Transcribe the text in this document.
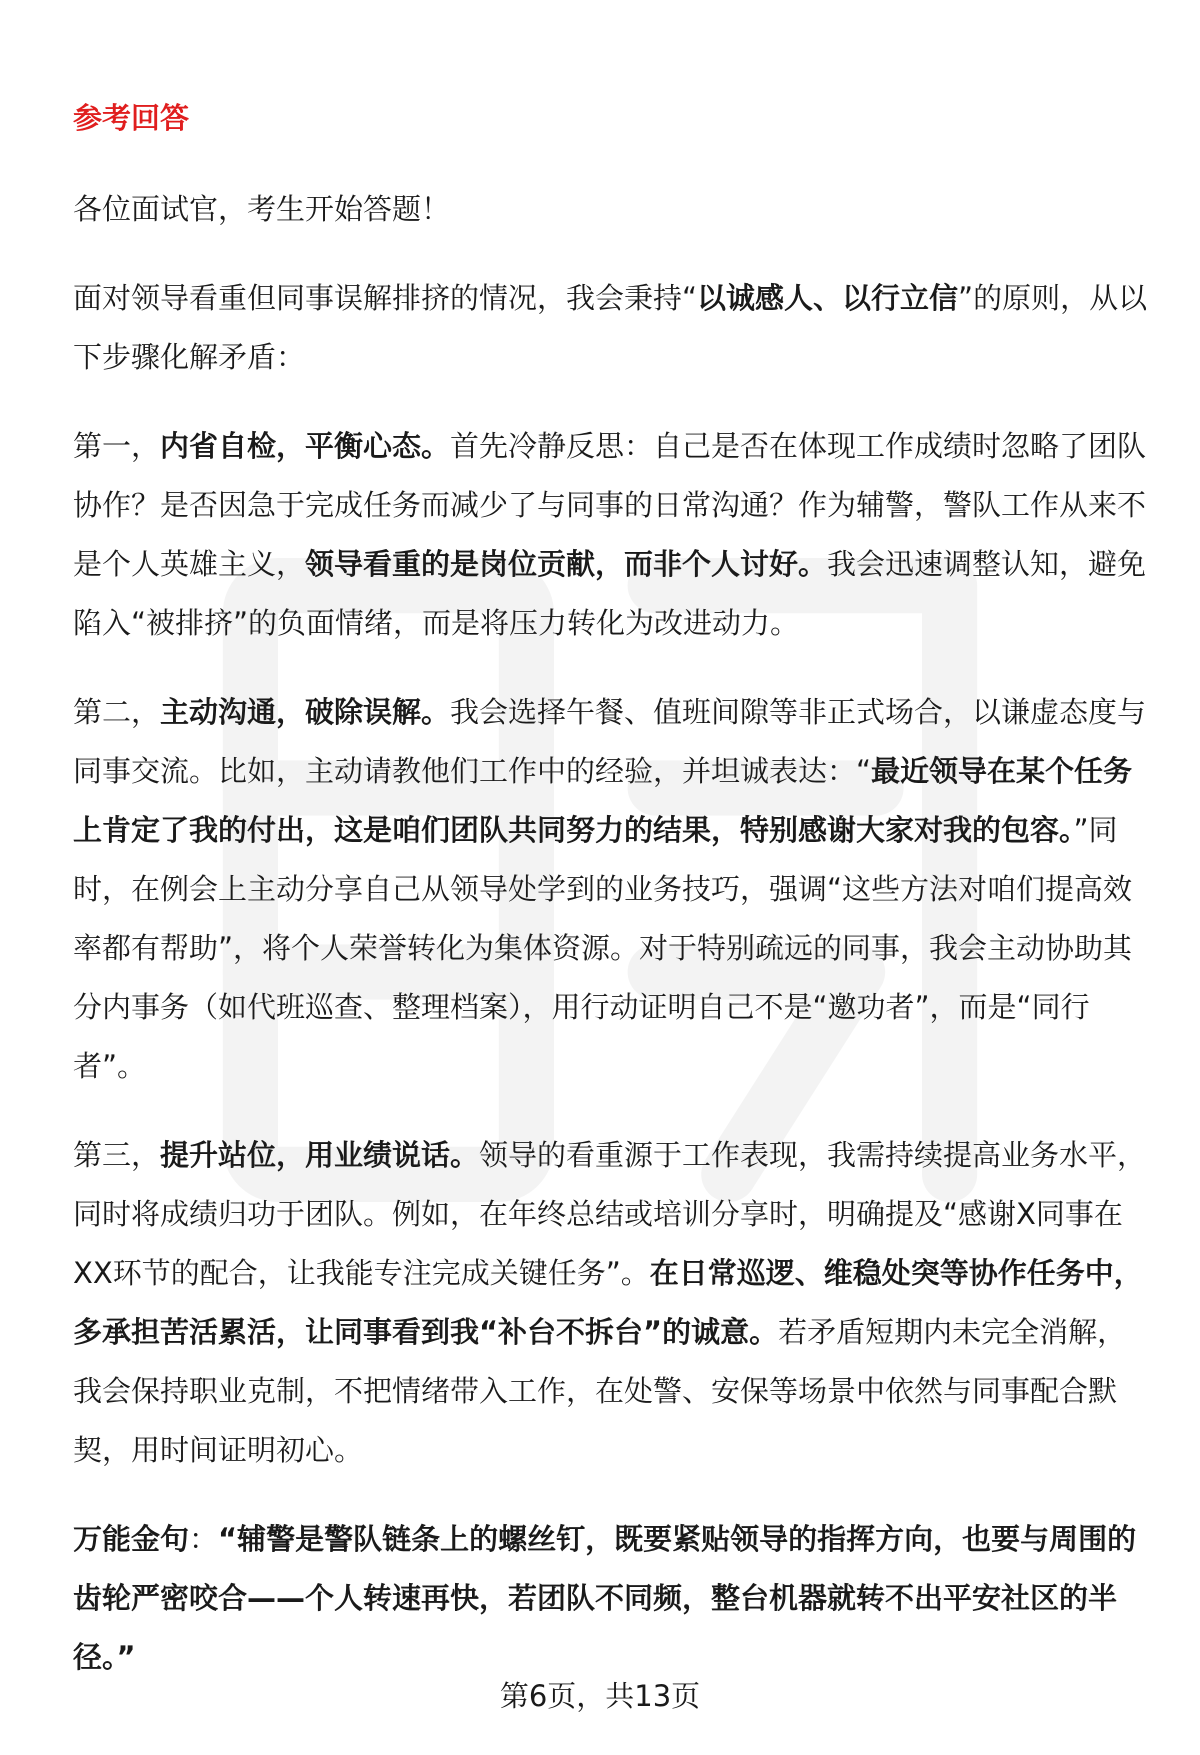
参考回答

各位面试官，考生开始答题！

面对领导看重但同事误解排挤的情况，我会秉持“以诚感人、以行立信”的原则，从以下步骤化解矛盾：

第一，内省自检，平衡心态。首先冷静反思：自己是否在体现工作成绩时忽略了团队协作？是否因急于完成任务而减少了与同事的日常沟通？作为辅警，警队工作从来不是个人英雄主义，领导看重的是岗位贡献，而非个人讨好。我会迅速调整认知，避免陷入“被排挤”的负面情绪，而是将压力转化为改进动力。

第二，主动沟通，破除误解。我会选择午餐、值班间隙等非正式场合，以谦虚态度与同事交流。比如，主动请教他们工作中的经验，并坦诚表达：“最近领导在某个任务上肯定了我的付出，这是咱们团队共同努力的结果，特别感谢大家对我的包容。”同时，在例会上主动分享自己从领导处学到的业务技巧，强调“这些方法对咱们提高效率都有帮助”，将个人荣誉转化为集体资源。对于特别疏远的同事，我会主动协助其分内事务（如代班巡查、整理档案），用行动证明自己不是“邀功者”，而是“同行者”。

第三，提升站位，用业绩说话。领导的看重源于工作表现，我需持续提高业务水平，同时将成绩归功于团队。例如，在年终总结或培训分享时，明确提及“感谢X同事在XX环节的配合，让我能专注完成关键任务”。在日常巡逻、维稳处突等协作任务中，多承担苦活累活，让同事看到我“补台不拆台”的诚意。若矛盾短期内未完全消解，我会保持职业克制，不把情绪带入工作，在处警、安保等场景中依然与同事配合默契，用时间证明初心。

万能金句：“辅警是警队链条上的螺丝钉，既要紧贴领导的指挥方向，也要与周围的齿轮严密咬合——个人转速再快，若团队不同频，整台机器就转不出平安社区的半径。”

第6页，共13页
